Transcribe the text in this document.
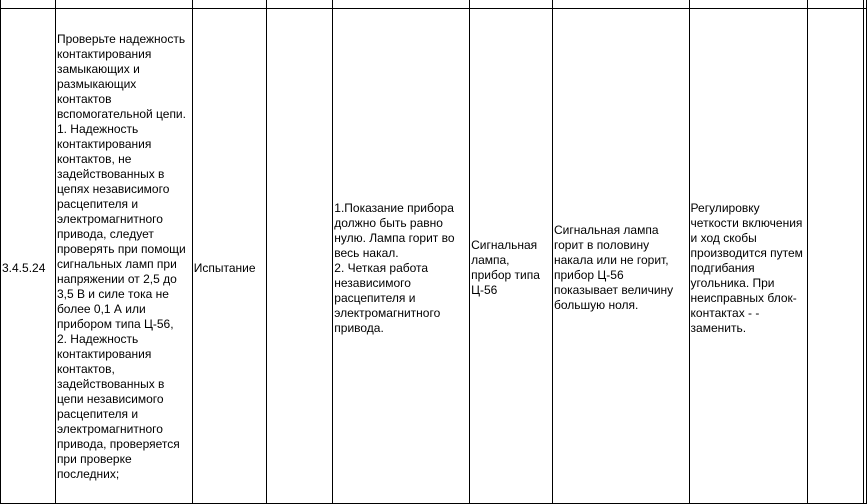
3.4.5.24	Проверьте надежность контактирования замыкающих и размыкающих контактов вспомогательной цепи.
1. Надежность контактирования контактов, не задействованных в цепях независимого расцепителя и электромагнитного привода, следует проверять при помощи сигнальных ламп при напряжении от 2,5 до 3,5 В и силе тока не более 0,1 А или прибором типа Ц-56,
2. Надежность контактирования контактов, задействованных в цепи независимого расцепителя и электромагнитного привода, проверяется при проверке последних;	Испытание		1.Показание прибора должно быть равно нулю. Лампа горит во весь накал.
2. Четкая работа независимого расцепителя и электромагнитного привода.	Сигнальная лампа, прибор типа Ц-56	Сигнальная лампа горит в половину накала или не горит, прибор Ц-56 показывает величину большую ноля.	Регулировку четкости включения и ход скобы производится путем подгибания угольника. При неисправных блок-контактах - - заменить.		
